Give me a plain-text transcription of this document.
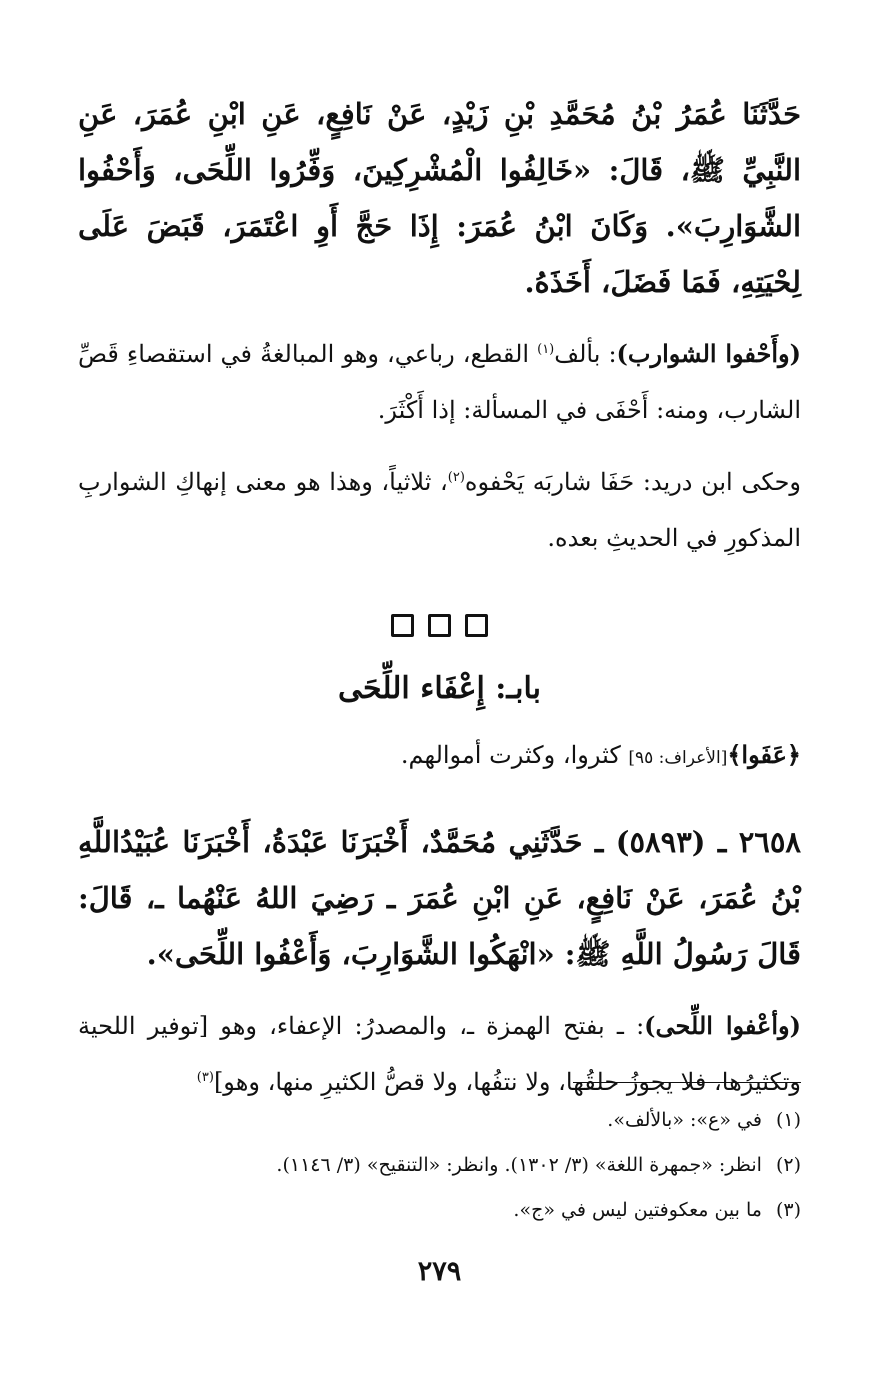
حَدَّثَنَا عُمَرُ بْنُ مُحَمَّدِ بْنِ زَيْدٍ، عَنْ نَافِعٍ، عَنِ ابْنِ عُمَرَ، عَنِ النَّبِيِّ ﷺ، قَالَ: «خَالِفُوا الْمُشْرِكِينَ، وَفِّرُوا اللِّحَى، وَأَحْفُوا الشَّوَارِبَ». وَكَانَ ابْنُ عُمَرَ: إِذَا حَجَّ أَوِ اعْتَمَرَ، قَبَضَ عَلَى لِحْيَتِهِ، فَمَا فَضَلَ، أَخَذَهُ.

(وأَحْفوا الشوارب): بألف$^{(١)}$ القطع، رباعي، وهو المبالغةُ في استقصاءِ قَصِّ الشارب، ومنه: أَحْفَى في المسألة: إذا أَكْثَرَ.

وحكى ابن دريد: حَفَا شاربَه يَحْفوه$^{(٢)}$، ثلاثياً، وهذا هو معنى إنهاكِ الشواربِ المذكورِ في الحديثِ بعده.

بابـ: إِعْفَاء اللِّحَى

﴿عَفَوا﴾[الأعراف: ٩٥] كثروا، وكثرت أموالهم.

٢٦٥٨ ـ (٥٨٩٣) ـ حَدَّثَنِي مُحَمَّدٌ، أَخْبَرَنَا عَبْدَةُ، أَخْبَرَنَا عُبَيْدُاللَّهِ بْنُ عُمَرَ، عَنْ نَافِعٍ، عَنِ ابْنِ عُمَرَ ـ رَضِيَ اللهُ عَنْهُما ـ، قَالَ: قَالَ رَسُولُ اللَّهِ ﷺ: «انْهَكُوا الشَّوَارِبَ، وَأَعْفُوا اللِّحَى».

(وأعْفوا اللِّحى): ـ بفتح الهمزة ـ، والمصدرُ: الإعفاء، وهو [توفير اللحية وتكثيرُها، فلا يجوزُ حلقُها، ولا نتفُها، ولا قصُّ الكثيرِ منها، وهو]$^{(٣)}$

(١)في «ع»: «بالألف».
(٢)انظر: «جمهرة اللغة» (٣/ ١٣٠٢). وانظر: «التنقيح» (٣/ ١١٤٦).
(٣)ما بين معكوفتين ليس في «ج».
٢٧٩
